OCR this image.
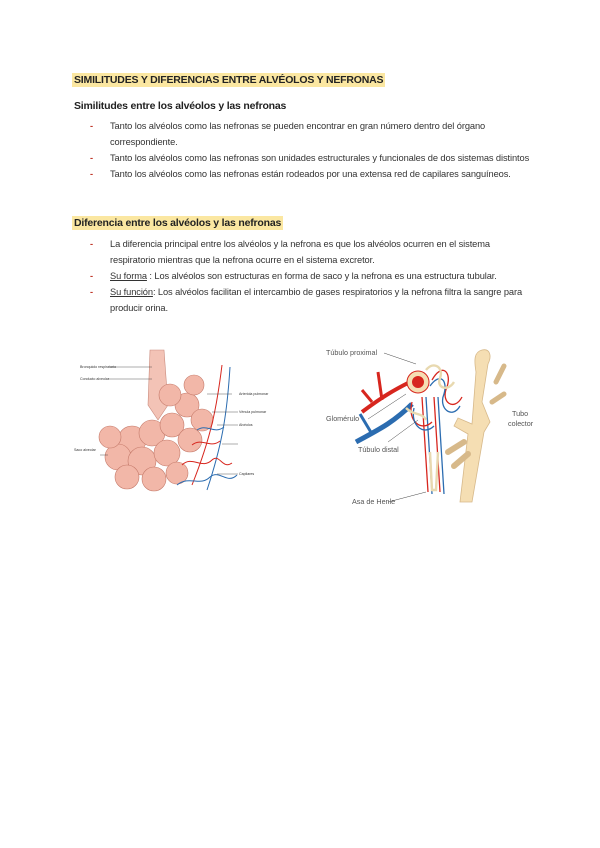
SIMILITUDES Y DIFERENCIAS ENTRE ALVÉOLOS Y NEFRONAS
Similitudes entre los alvéolos y las nefronas
- Tanto los alvéolos como las nefronas se pueden encontrar en gran número dentro del órgano correspondiente.
- Tanto los alvéolos como las nefronas son unidades estructurales y funcionales de dos sistemas distintos
- Tanto los alvéolos como las nefronas están rodeados por una extensa red de capilares sanguíneos.
Diferencia entre los alvéolos y las nefronas
- La diferencia principal entre los alvéolos y la nefrona es que los alvéolos ocurren en el sistema respiratorio mientras que la nefrona ocurre en el sistema excretor.
- Su forma : Los alvéolos son estructuras en forma de saco y la nefrona es una estructura tubular.
- Su función: Los alvéolos facilitan el intercambio de gases respiratorios y la nefrona filtra la sangre para producir orina.
Bronquiolo respiratorio
Conducto alveolar
Arteriola pulmonar
Vénula pulmonar
Alvéolos
Capilares
Saco alveolar
Túbulo proximal
Glomérulo
Túbulo distal
Asa de Henle
Tubo
colector
